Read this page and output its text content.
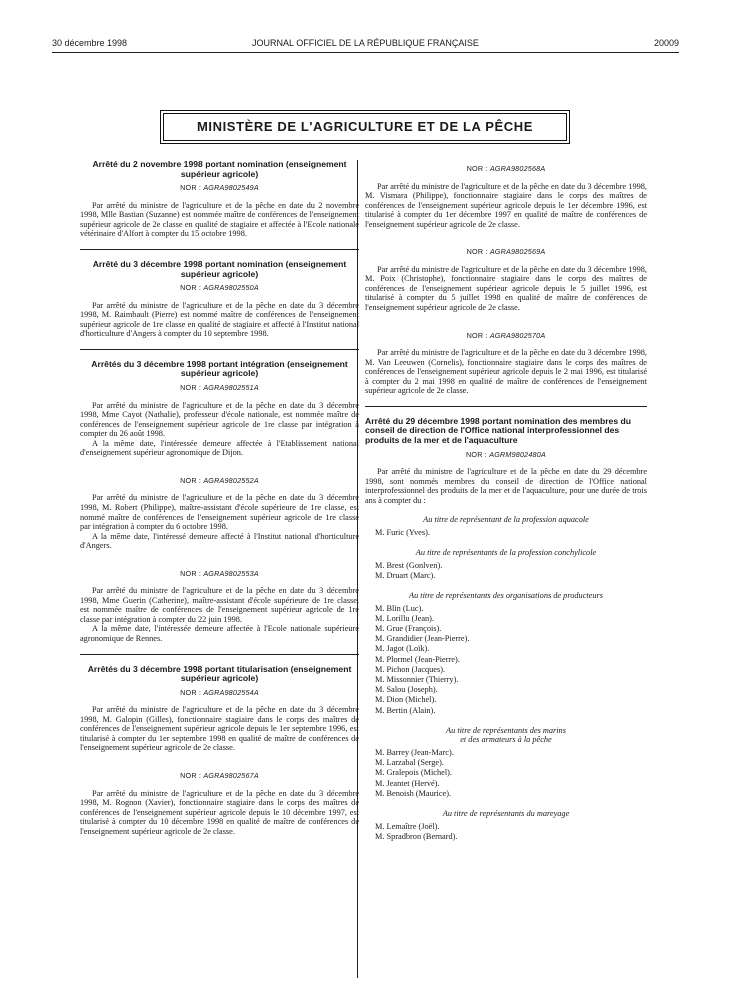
30 décembre 1998	JOURNAL OFFICIEL DE LA RÉPUBLIQUE FRANÇAISE	20009
MINISTÈRE DE L'AGRICULTURE ET DE LA PÊCHE
Arrêté du 2 novembre 1998 portant nomination (enseignement supérieur agricole)
NOR : AGRA9802549A

Par arrêté du ministre de l'agriculture et de la pêche en date du 2 novembre 1998, Mlle Bastian (Suzanne) est nommée maître de conférences de l'enseignement supérieur agricole de 2e classe en qualité de stagiaire et affectée à l'Ecole nationale vétérinaire d'Alfort à compter du 15 octobre 1998.

Arrêté du 3 décembre 1998 portant nomination (enseignement supérieur agricole)
NOR : AGRA9802550A

Par arrêté du ministre de l'agriculture et de la pêche en date du 3 décembre 1998, M. Raimbault (Pierre) est nommé maître de conférences de l'enseignement supérieur agricole de 1re classe en qualité de stagiaire et affecté à l'Institut national d'horticulture d'Angers à compter du 10 septembre 1998.

Arrêtés du 3 décembre 1998 portant intégration (enseignement supérieur agricole)
NOR : AGRA9802551A

Par arrêté du ministre de l'agriculture et de la pêche en date du 3 décembre 1998, Mme Cayot (Nathalie), professeur d'école nationale, est nommée maître de conférences de l'enseignement supérieur agricole de 1re classe par intégration à compter du 26 août 1998.

A la même date, l'intéressée demeure affectée à l'Etablissement national d'enseignement supérieur agronomique de Dijon.

NOR : AGRA9802552A

Par arrêté du ministre de l'agriculture et de la pêche en date du 3 décembre 1998, M. Robert (Philippe), maître-assistant d'école supérieure de 1re classe, est nommé maître de conférences de l'enseignement supérieur agricole de 1re classe par intégration à compter du 6 octobre 1998.

A la même date, l'intéressé demeure affecté à l'Institut national d'horticulture d'Angers.

NOR : AGRA9802553A

Par arrêté du ministre de l'agriculture et de la pêche en date du 3 décembre 1998, Mme Guerin (Catherine), maître-assistant d'école supérieure de 1re classe, est nommée maître de conférences de l'enseignement supérieur agricole de 1re classe par intégration à compter du 22 juin 1998.

A la même date, l'intéressée demeure affectée à l'Ecole nationale supérieure agronomique de Rennes.

Arrêtés du 3 décembre 1998 portant titularisation (enseignement supérieur agricole)
NOR : AGRA9802554A

Par arrêté du ministre de l'agriculture et de la pêche en date du 3 décembre 1998, M. Galopin (Gilles), fonctionnaire stagiaire dans le corps des maîtres de conférences de l'enseignement supérieur agricole depuis le 1er septembre 1996, est titularisé à compter du 1er septembre 1998 en qualité de maître de conférences de l'enseignement supérieur agricole de 2e classe.

NOR : AGRA9802567A

Par arrêté du ministre de l'agriculture et de la pêche en date du 3 décembre 1998, M. Rognon (Xavier), fonctionnaire stagiaire dans le corps des maîtres de conférences de l'enseignement supérieur agricole depuis le 10 décembre 1997, est titularisé à compter du 10 décembre 1998 en qualité de maître de conférences de l'enseignement supérieur agricole de 2e classe.

NOR : AGRA9802568A

Par arrêté du ministre de l'agriculture et de la pêche en date du 3 décembre 1998, M. Vismara (Philippe), fonctionnaire stagiaire dans le corps des maîtres de conférences de l'enseignement supérieur agricole depuis le 1er décembre 1996, est titularisé à compter du 1er décembre 1997 en qualité de maître de conférences de l'enseignement supérieur agricole de 2e classe.

NOR : AGRA9802569A

Par arrêté du ministre de l'agriculture et de la pêche en date du 3 décembre 1998, M. Poix (Christophe), fonctionnaire stagiaire dans le corps des maîtres de conférences de l'enseignement supérieur agricole depuis le 5 juillet 1996, est titularisé à compter du 5 juillet 1998 en qualité de maître de conférences de l'enseignement supérieur agricole de 2e classe.

NOR : AGRA9802570A

Par arrêté du ministre de l'agriculture et de la pêche en date du 3 décembre 1998, M. Van Leeuwen (Cornelis), fonctionnaire stagiaire dans le corps des maîtres de conférences de l'enseignement supérieur agricole depuis le 2 mai 1996, est titularisé à compter du 2 mai 1998 en qualité de maître de conférences de l'enseignement supérieur agricole de 2e classe.

Arrêté du 29 décembre 1998 portant nomination des membres du conseil de direction de l'Office national interprofessionnel des produits de la mer et de l'aquaculture
NOR : AGRM9802480A

Par arrêté du ministre de l'agriculture et de la pêche en date du 29 décembre 1998, sont nommés membres du conseil de direction de l'Office national interprofessionnel des produits de la mer et de l'aquaculture, pour une durée de trois ans à compter du :

Au titre de représentant de la profession aquacole
M. Furic (Yves).
Au titre de représentants de la profession conchylicole
M. Brest (Gonlven).
M. Druart (Marc).
Au titre de représentants des organisations de producteurs
M. Blin (Luc).
M. Lorillu (Jean).
M. Grue (François).
M. Grandidier (Jean-Pierre).
M. Jagot (Loïk).
M. Plormel (Jean-Pierre).
M. Pichon (Jacques).
M. Missonnier (Thierry).
M. Salou (Joseph).
M. Dion (Michel).
M. Bertin (Alain).
Au titre de représentants des marins
et des armateurs à la pêche
M. Barrey (Jean-Marc).
M. Larzabal (Serge).
M. Gralepois (Michel).
M. Jeantet (Hervé).
M. Benoish (Maurice).
Au titre de représentants du mareyage
M. Lemaître (Joël).
M. Spradbron (Bernard).
